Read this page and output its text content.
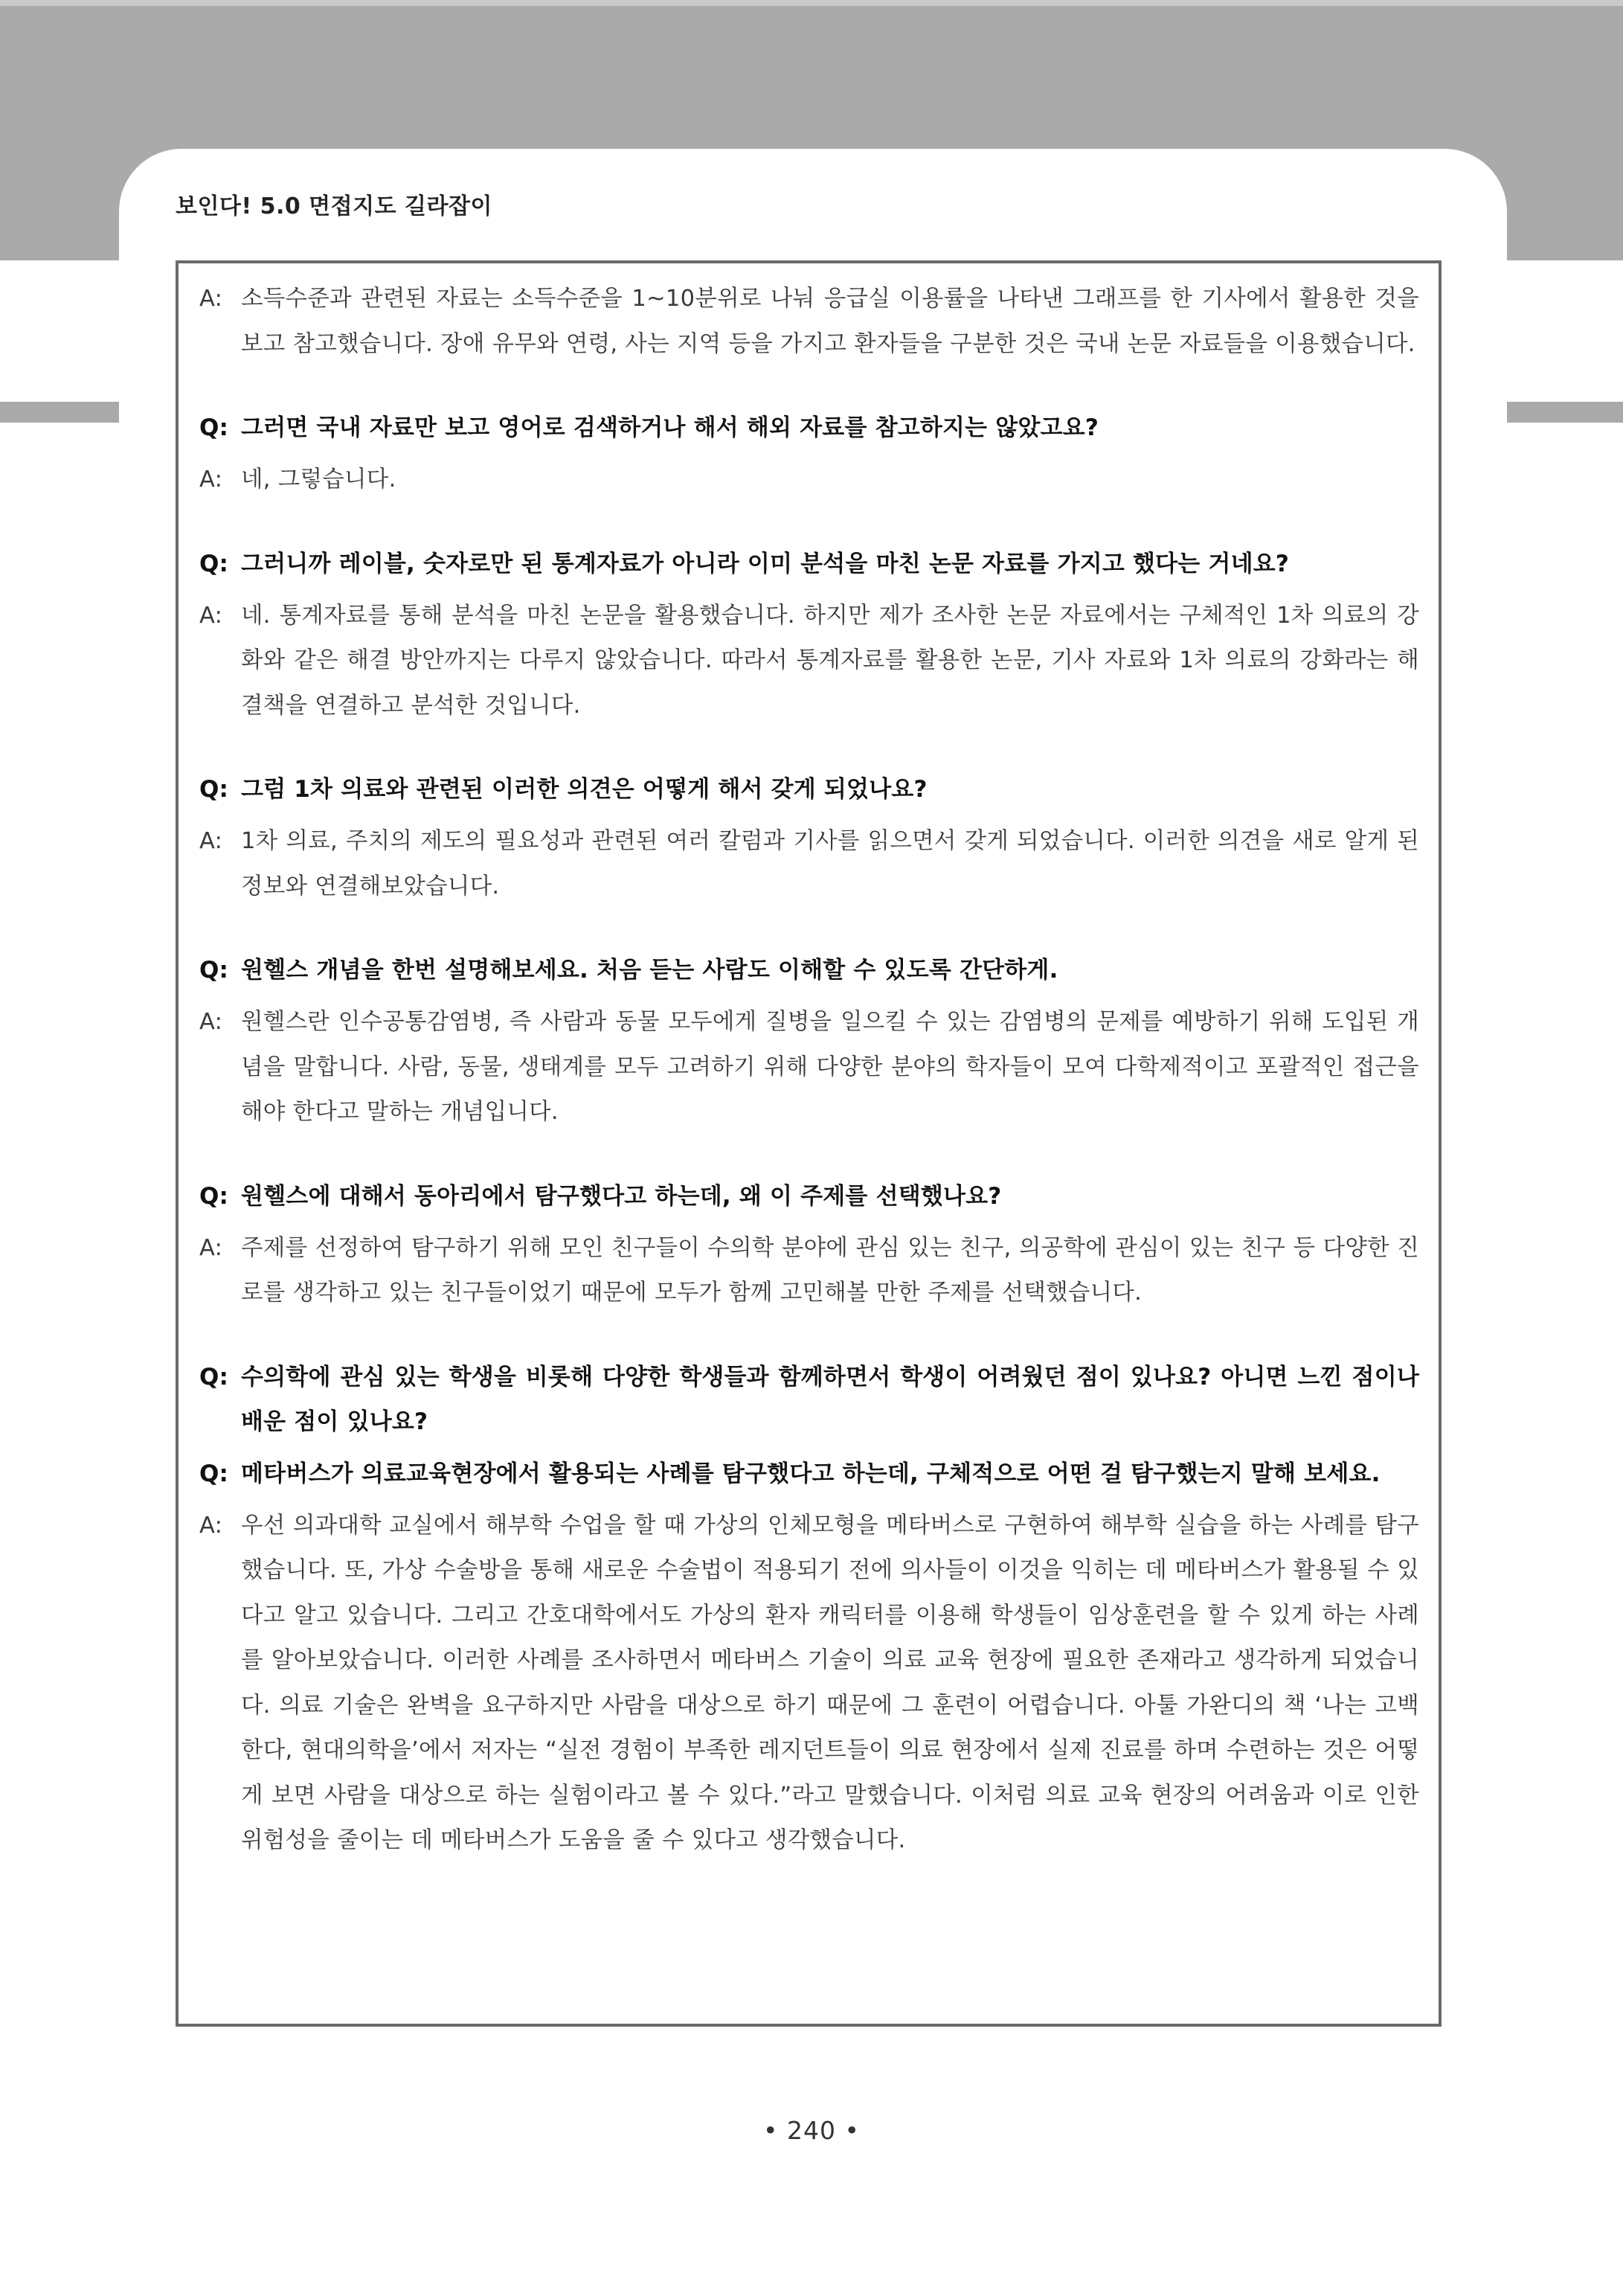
보인다! 5.0 면접지도 길라잡이
A: 소득수준과 관련된 자료는 소득수준을 1~10분위로 나눠 응급실 이용률을 나타낸 그래프를 한 기사에서 활용한 것을 보고 참고했습니다. 장애 유무와 연령, 사는 지역 등을 가지고 환자들을 구분한 것은 국내 논문 자료들을 이용했습니다.
Q: 그러면 국내 자료만 보고 영어로 검색하거나 해서 해외 자료를 참고하지는 않았고요?
A: 네, 그렇습니다.
Q: 그러니까 레이블, 숫자로만 된 통계자료가 아니라 이미 분석을 마친 논문 자료를 가지고 했다는 거네요?
A: 네. 통계자료를 통해 분석을 마친 논문을 활용했습니다. 하지만 제가 조사한 논문 자료에서는 구체적인 1차 의료의 강화와 같은 해결 방안까지는 다루지 않았습니다. 따라서 통계자료를 활용한 논문, 기사 자료와 1차 의료의 강화라는 해결책을 연결하고 분석한 것입니다.
Q: 그럼 1차 의료와 관련된 이러한 의견은 어떻게 해서 갖게 되었나요?
A: 1차 의료, 주치의 제도의 필요성과 관련된 여러 칼럼과 기사를 읽으면서 갖게 되었습니다. 이러한 의견을 새로 알게 된 정보와 연결해보았습니다.
Q: 원헬스 개념을 한번 설명해보세요. 처음 듣는 사람도 이해할 수 있도록 간단하게.
A: 원헬스란 인수공통감염병, 즉 사람과 동물 모두에게 질병을 일으킬 수 있는 감염병의 문제를 예방하기 위해 도입된 개념을 말합니다. 사람, 동물, 생태계를 모두 고려하기 위해 다양한 분야의 학자들이 모여 다학제적이고 포괄적인 접근을 해야 한다고 말하는 개념입니다.
Q: 원헬스에 대해서 동아리에서 탐구했다고 하는데, 왜 이 주제를 선택했나요?
A: 주제를 선정하여 탐구하기 위해 모인 친구들이 수의학 분야에 관심 있는 친구, 의공학에 관심이 있는 친구 등 다양한 진로를 생각하고 있는 친구들이었기 때문에 모두가 함께 고민해볼 만한 주제를 선택했습니다.
Q: 수의학에 관심 있는 학생을 비롯해 다양한 학생들과 함께하면서 학생이 어려웠던 점이 있나요? 아니면 느낀 점이나 배운 점이 있나요?
Q: 메타버스가 의료교육현장에서 활용되는 사례를 탐구했다고 하는데, 구체적으로 어떤 걸 탐구했는지 말해 보세요.
A: 우선 의과대학 교실에서 해부학 수업을 할 때 가상의 인체모형을 메타버스로 구현하여 해부학 실습을 하는 사례를 탐구했습니다. 또, 가상 수술방을 통해 새로운 수술법이 적용되기 전에 의사들이 이것을 익히는 데 메타버스가 활용될 수 있다고 알고 있습니다. 그리고 간호대학에서도 가상의 환자 캐릭터를 이용해 학생들이 임상훈련을 할 수 있게 하는 사례를 알아보았습니다. 이러한 사례를 조사하면서 메타버스 기술이 의료 교육 현장에 필요한 존재라고 생각하게 되었습니다. 의료 기술은 완벽을 요구하지만 사람을 대상으로 하기 때문에 그 훈련이 어렵습니다. 아툴 가완디의 책 ‘나는 고백한다, 현대의학을’에서 저자는 “실전 경험이 부족한 레지던트들이 의료 현장에서 실제 진료를 하며 수련하는 것은 어떻게 보면 사람을 대상으로 하는 실험이라고 볼 수 있다.”라고 말했습니다. 이처럼 의료 교육 현장의 어려움과 이로 인한 위험성을 줄이는 데 메타버스가 도움을 줄 수 있다고 생각했습니다.
• 240 •
